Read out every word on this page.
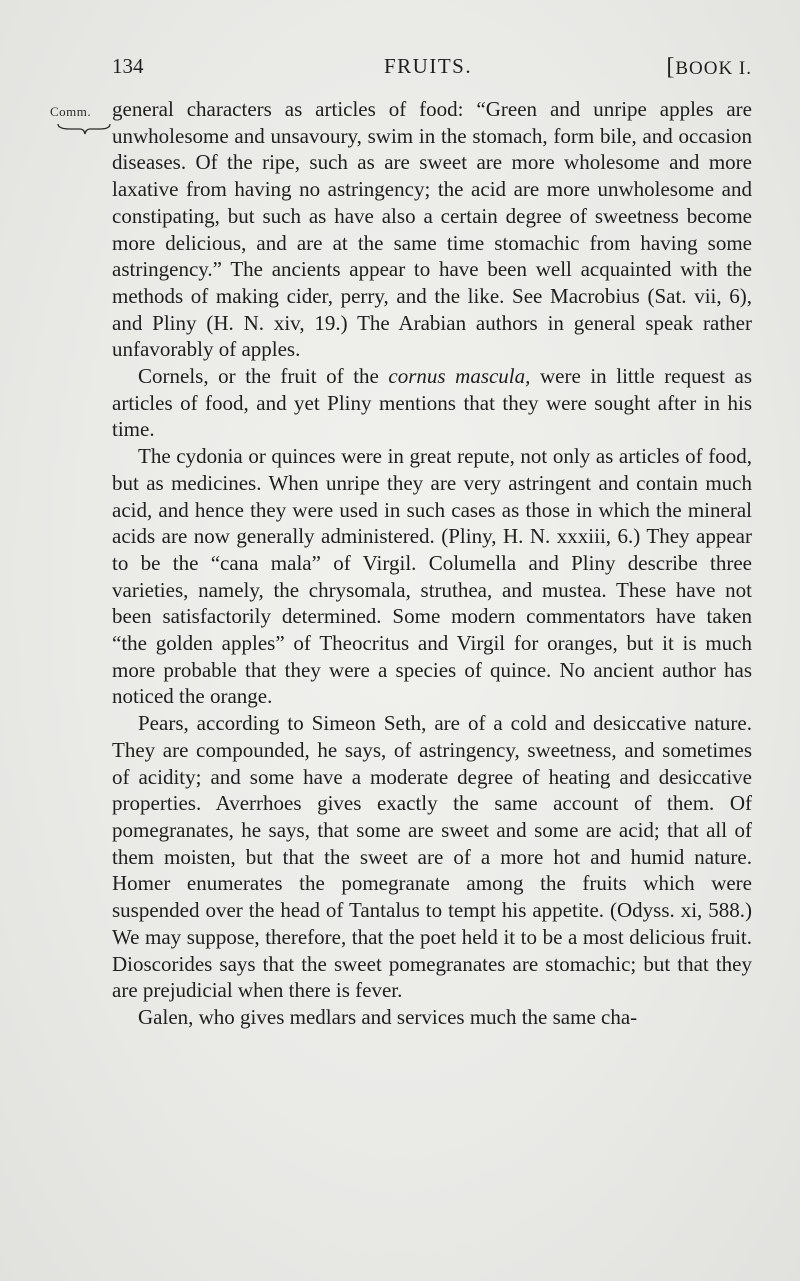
134	FRUITS.	[BOOK I.
Comm. general characters as articles of food: “Green and unripe apples are unwholesome and unsavoury, swim in the stomach, form bile, and occasion diseases. Of the ripe, such as are sweet are more wholesome and more laxative from having no astringency; the acid are more unwholesome and constipating, but such as have also a certain degree of sweetness become more delicious, and are at the same time stomachic from having some astringency.” The ancients appear to have been well acquainted with the methods of making cider, perry, and the like. See Macrobius (Sat. vii, 6), and Pliny (H. N. xiv, 19.) The Arabian authors in general speak rather unfavorably of apples.

Cornels, or the fruit of the cornus mascula, were in little request as articles of food, and yet Pliny mentions that they were sought after in his time.

The cydonia or quinces were in great repute, not only as articles of food, but as medicines. When unripe they are very astringent and contain much acid, and hence they were used in such cases as those in which the mineral acids are now generally administered. (Pliny, H. N. xxxiii, 6.) They appear to be the “cana mala” of Virgil. Columella and Pliny describe three varieties, namely, the chrysomala, struthea, and mustea. These have not been satisfactorily determined. Some modern commentators have taken “the golden apples” of Theocritus and Virgil for oranges, but it is much more probable that they were a species of quince. No ancient author has noticed the orange.

Pears, according to Simeon Seth, are of a cold and desiccative nature. They are compounded, he says, of astringency, sweetness, and sometimes of acidity; and some have a moderate degree of heating and desiccative properties. Averrhoes gives exactly the same account of them. Of pomegranates, he says, that some are sweet and some are acid; that all of them moisten, but that the sweet are of a more hot and humid nature. Homer enumerates the pomegranate among the fruits which were suspended over the head of Tantalus to tempt his appetite. (Odyss. xi, 588.) We may suppose, therefore, that the poet held it to be a most delicious fruit. Dioscorides says that the sweet pomegranates are stomachic; but that they are prejudicial when there is fever.

Galen, who gives medlars and services much the same cha-
